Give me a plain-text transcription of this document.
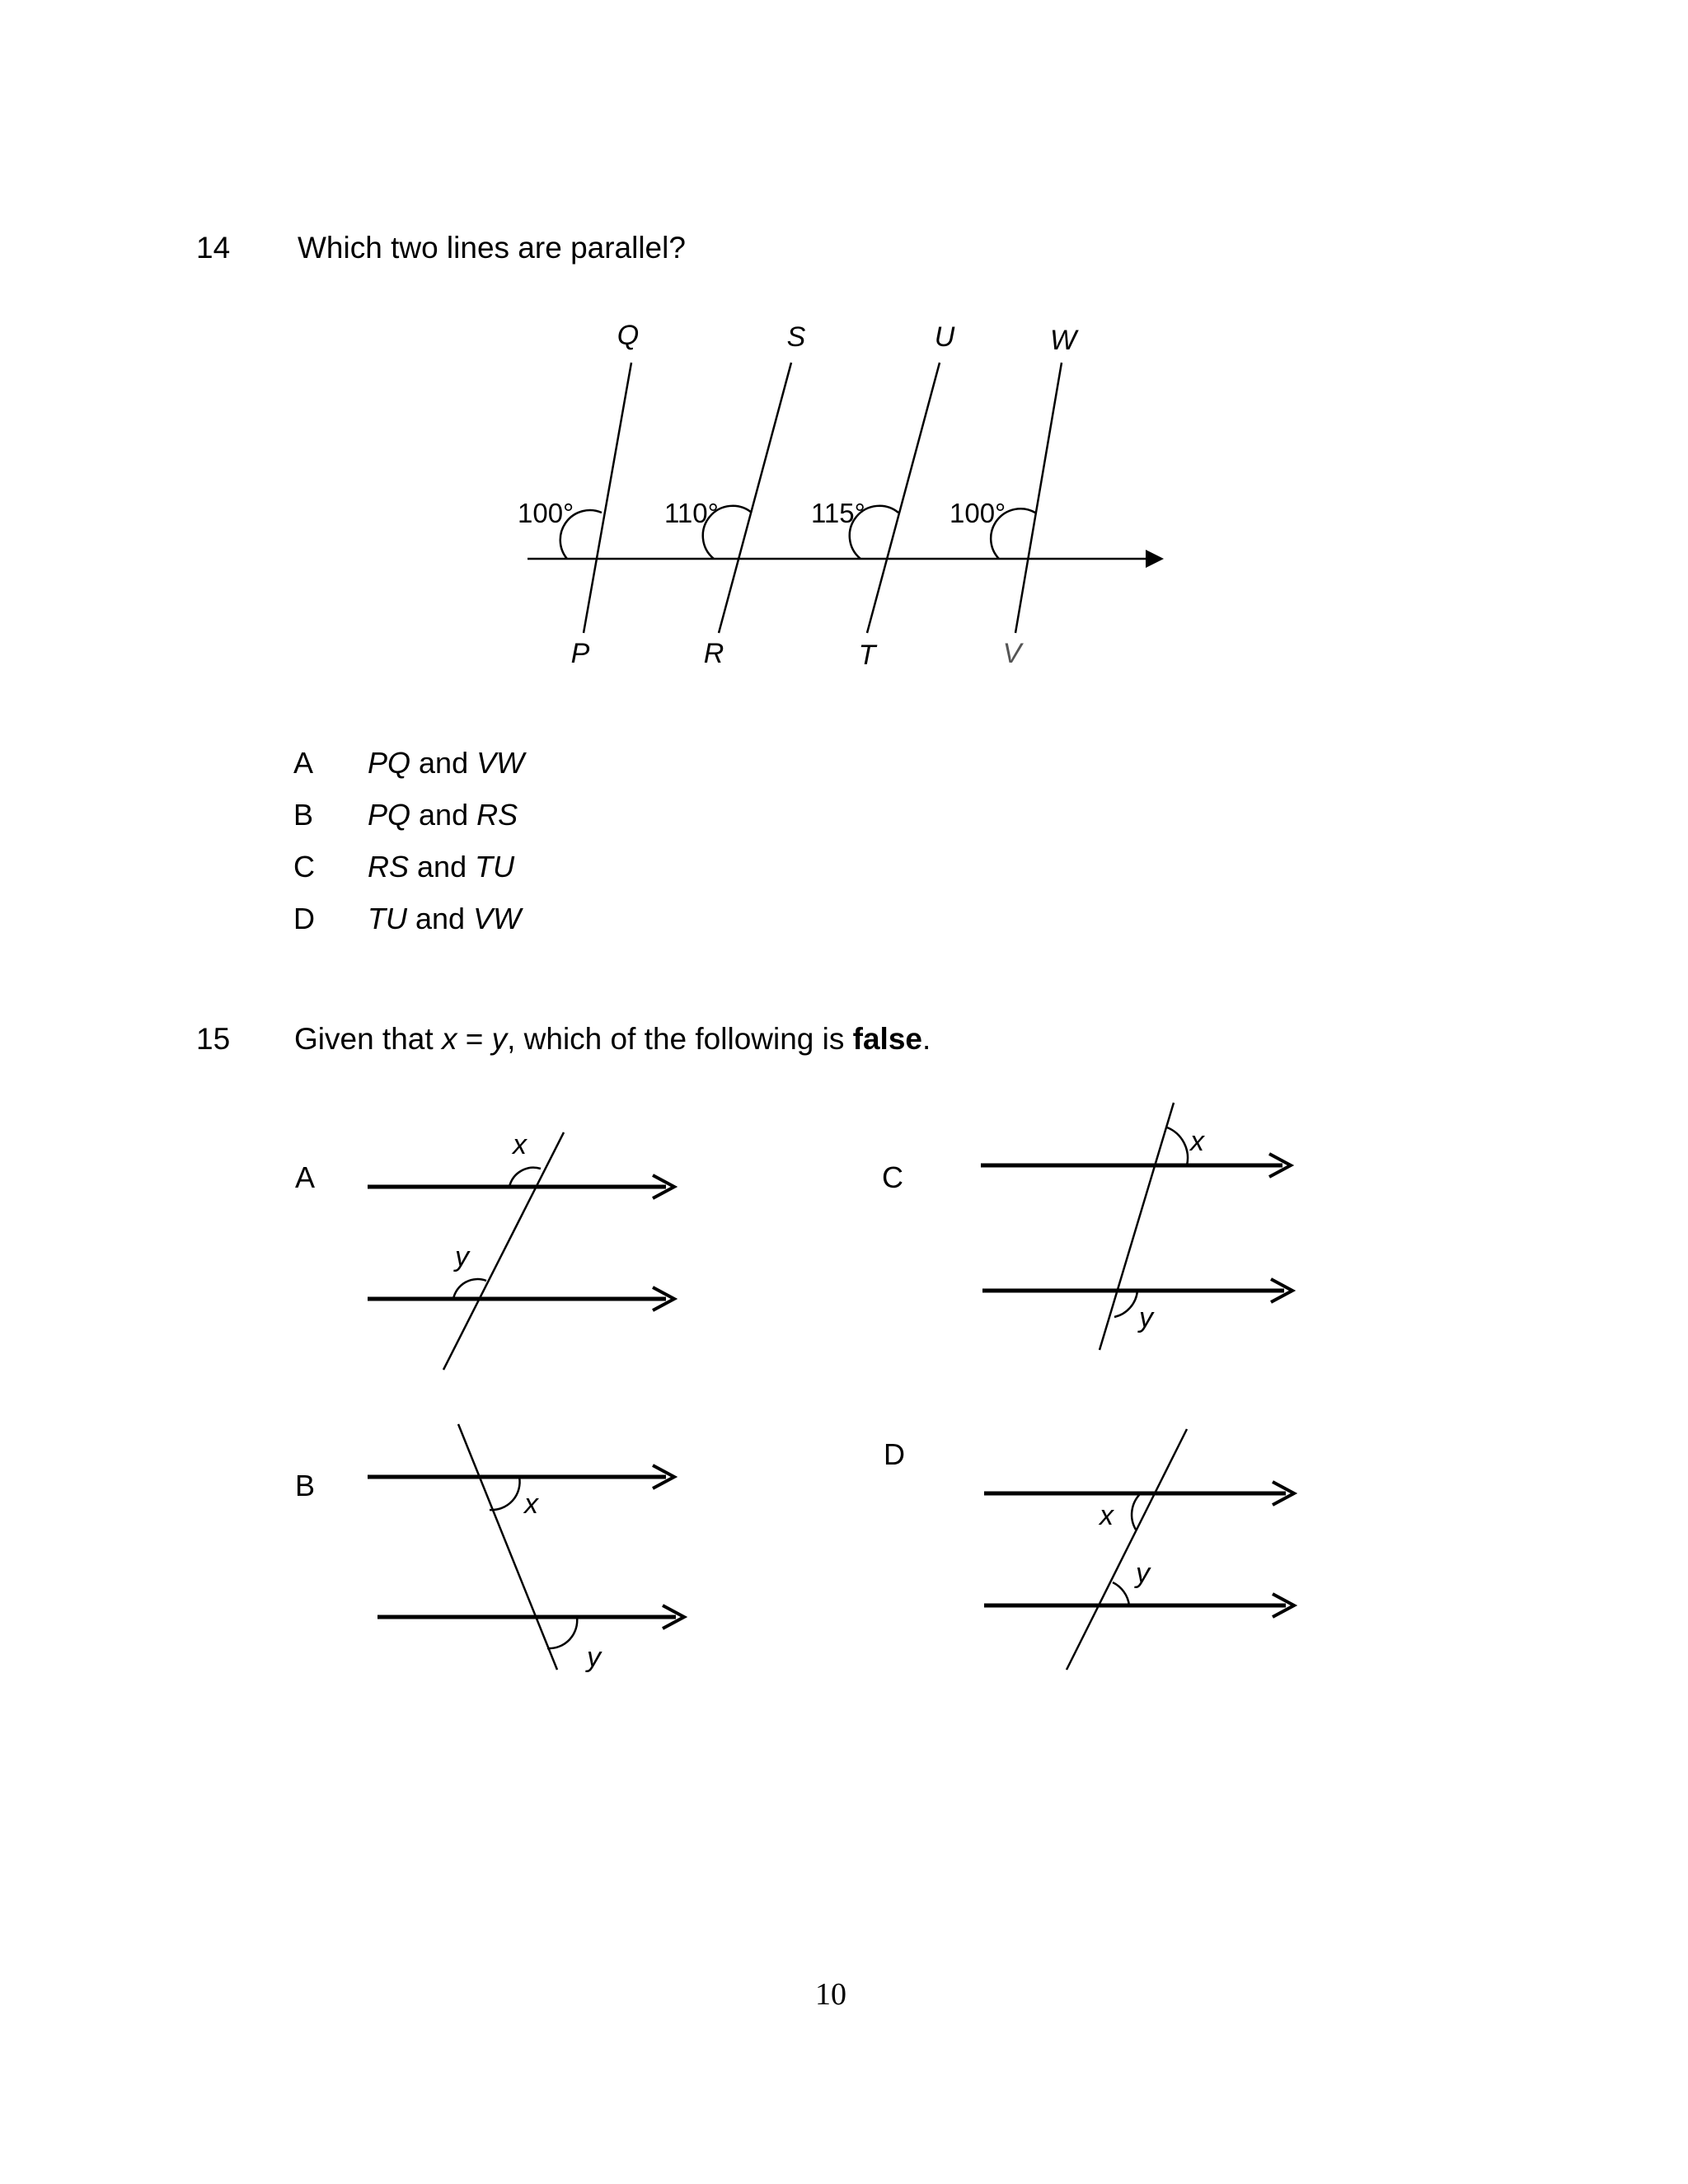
14 Which two lines are parallel?
Q	S	U	W
P	R	T	V
100°	110°	115°	100°
A PQ and VW
B PQ and RS
C RS and TU
D TU and VW
15 Given that x = y, which of the following is false.
A
B
C
D
x
y
x
y
x
y
x
y
10
